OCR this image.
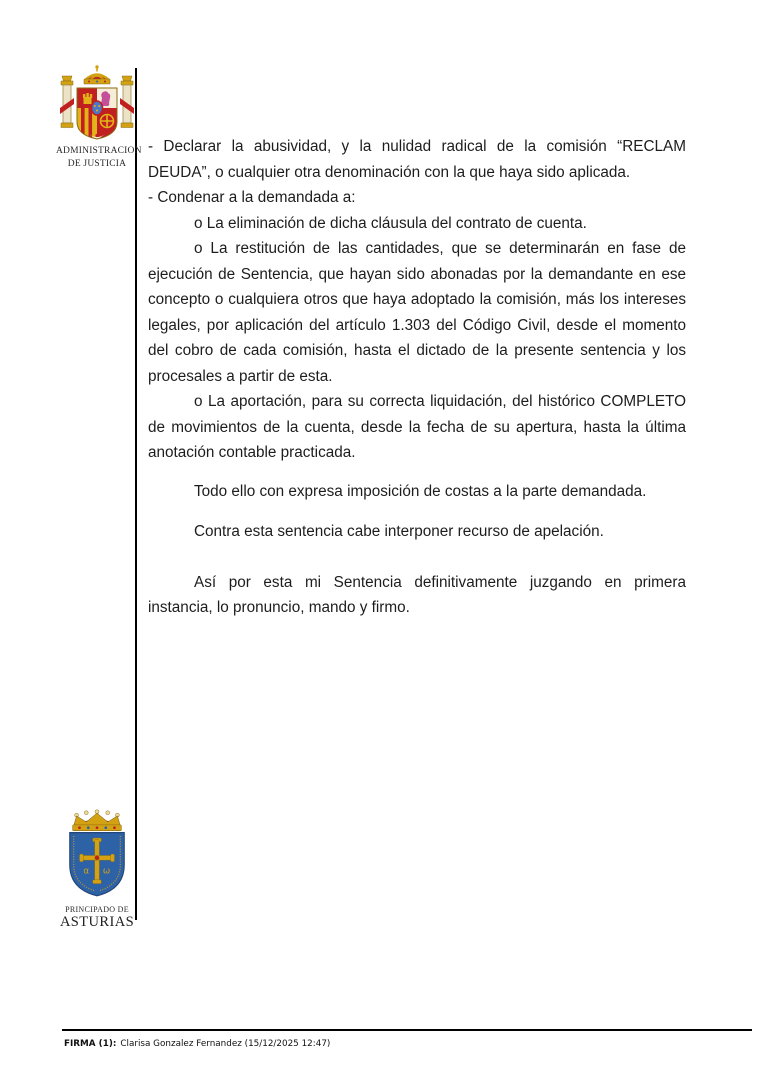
ADMINISTRACION
DE JUSTICIA

- Declarar la abusividad, y la nulidad radical de la comisión “RECLAM DEUDA”, o cualquier otra denominación con la que haya sido aplicada.

- Condenar a la demandada a:

o La eliminación de dicha cláusula del contrato de cuenta.

o La restitución de las cantidades, que se determinarán en fase de ejecución de Sentencia, que hayan sido abonadas por la demandante en ese concepto o cualquiera otros que haya adoptado la comisión, más los intereses legales, por aplicación del artículo 1.303 del Código Civil, desde el momento del cobro de cada comisión, hasta el dictado de la presente sentencia y los procesales a partir de esta.

o La aportación, para su correcta liquidación, del histórico COMPLETO de movimientos de la cuenta, desde la fecha de su apertura, hasta la última anotación contable practicada.

Todo ello con expresa imposición de costas a la parte demandada.

Contra esta sentencia cabe interponer recurso de apelación.

Así por esta mi Sentencia definitivamente juzgando en primera instancia, lo pronuncio, mando y firmo.

α ω
PRINCIPADO DE
ASTURIAS
FIRMA (1): Clarisa Gonzalez Fernandez (15/12/2025 12:47)
